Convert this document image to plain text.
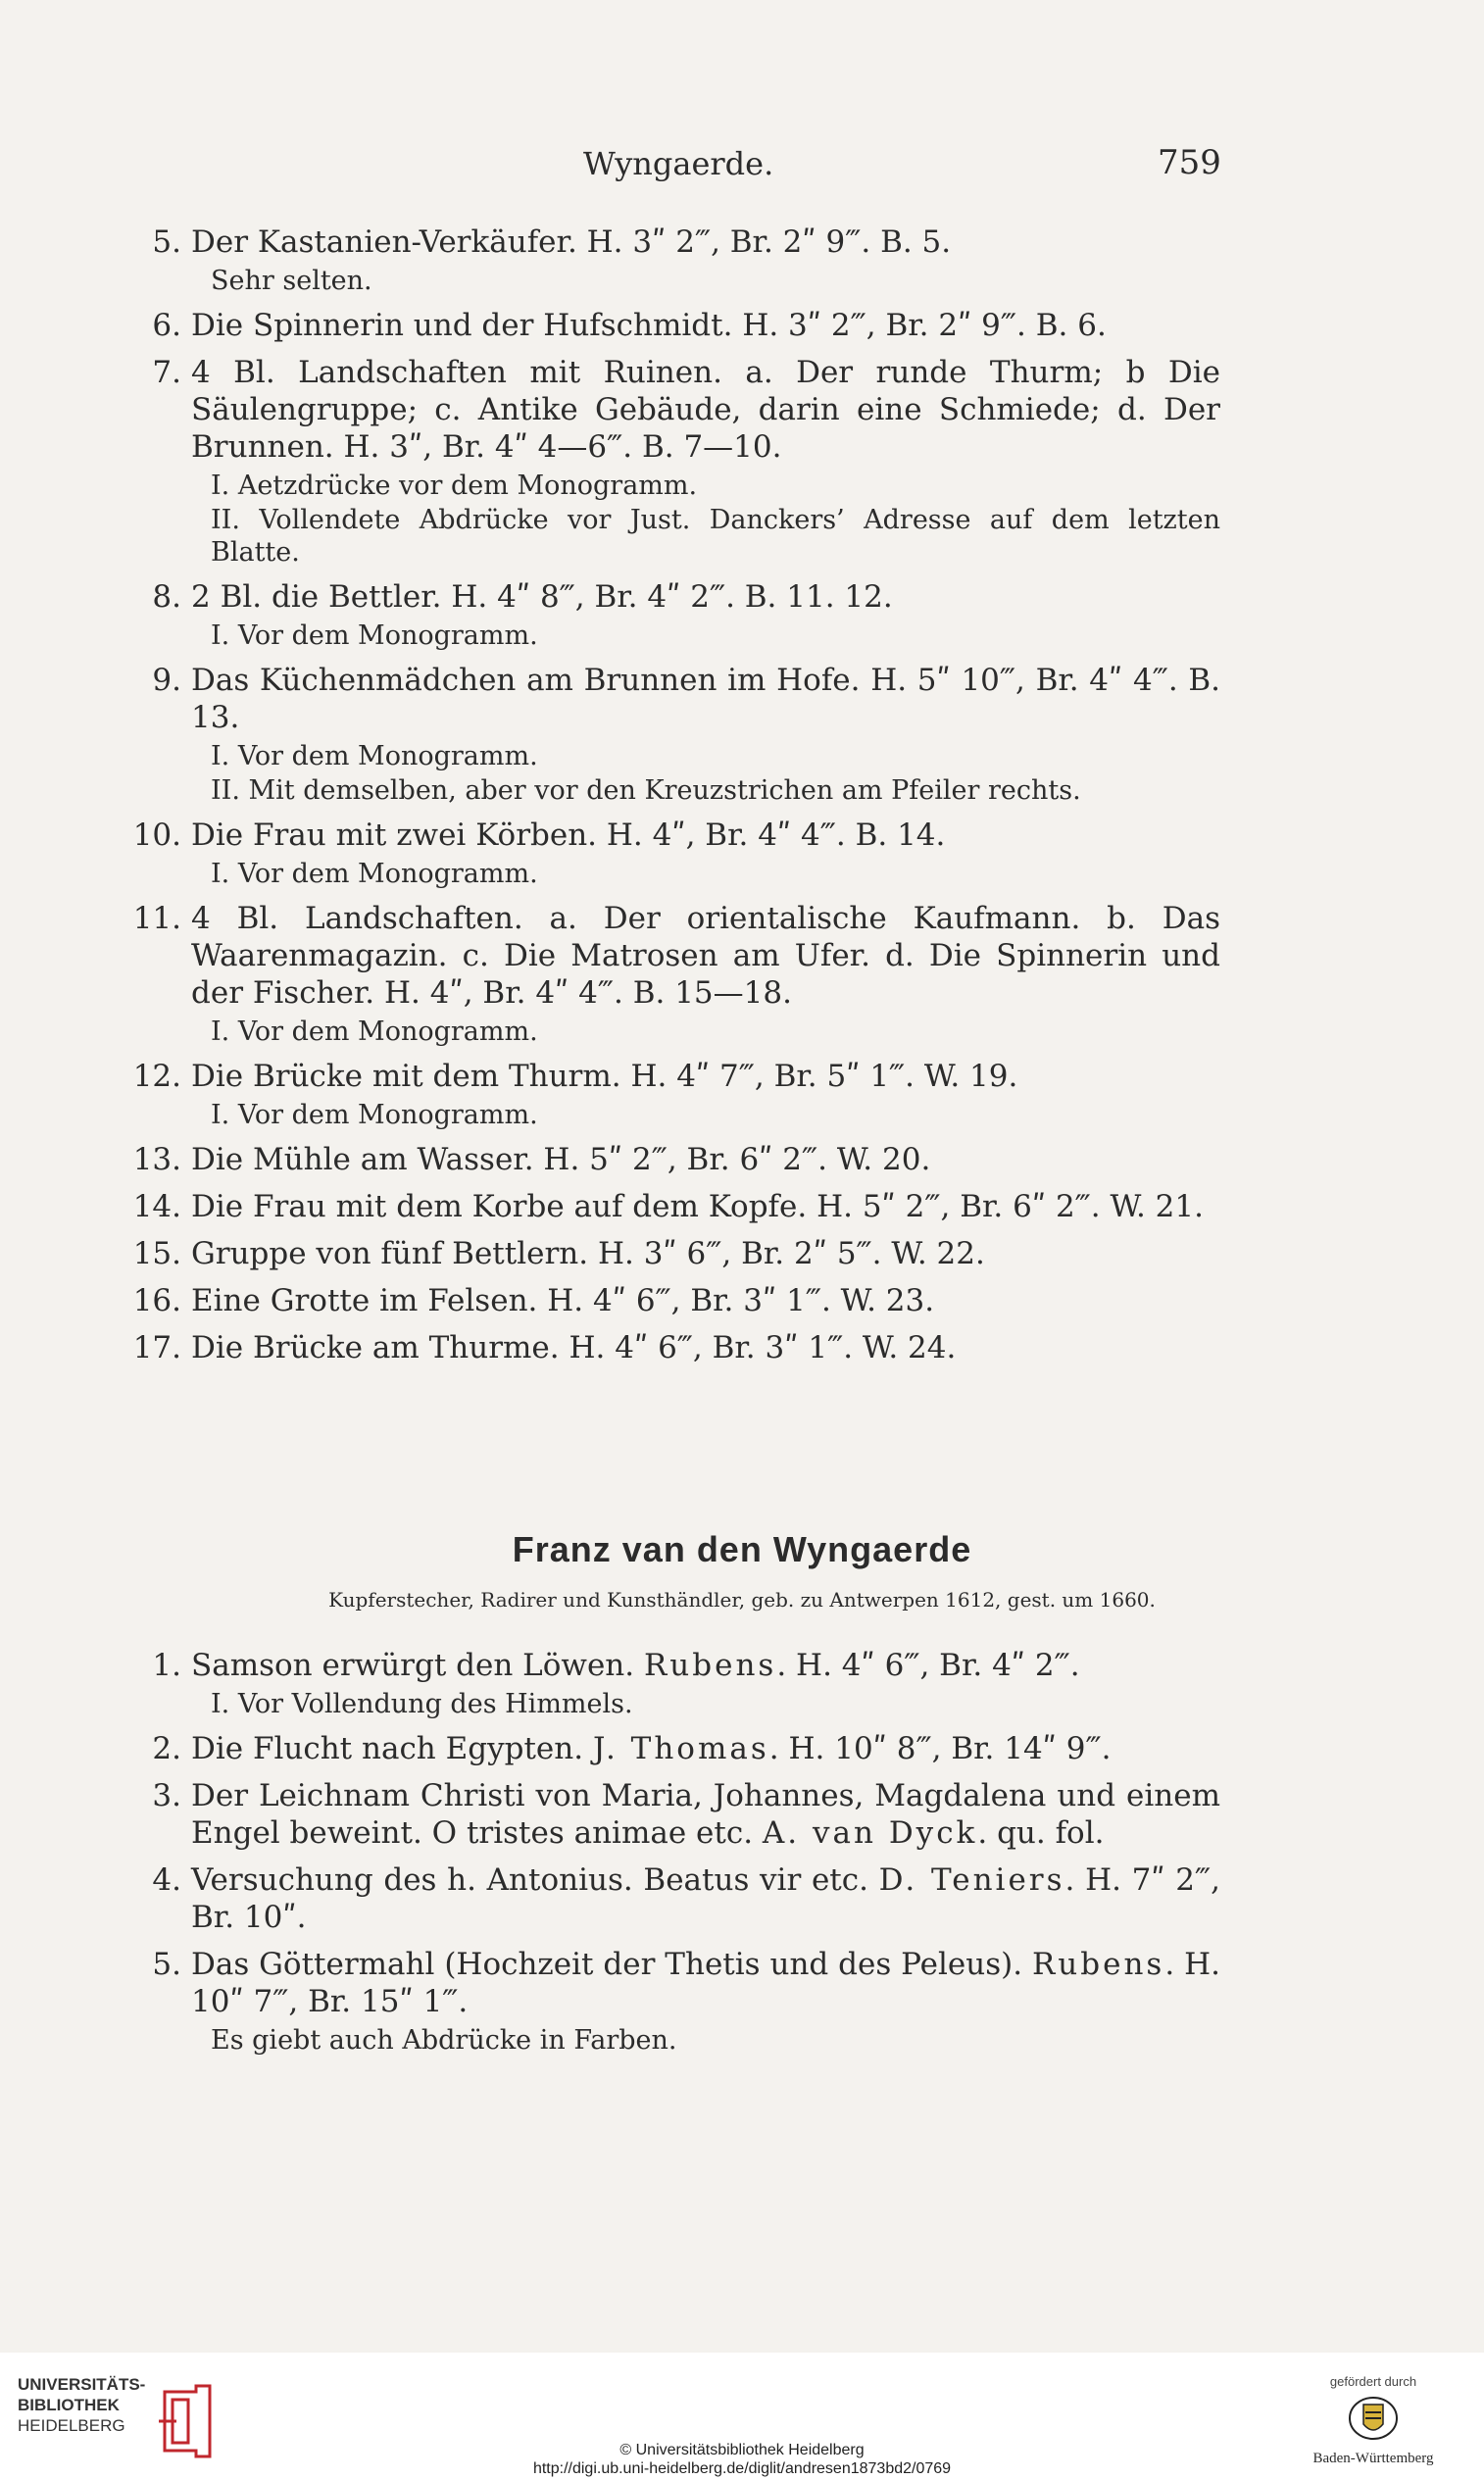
Wyngaerde.	759
5. Der Kastanien-Verkäufer. H. 3ʺ 2‴, Br. 2ʺ 9‴. B. 5.
Sehr selten.
6. Die Spinnerin und der Hufschmidt. H. 3ʺ 2‴, Br. 2ʺ 9‴. B. 6.
7. 4 Bl. Landschaften mit Ruinen. a. Der runde Thurm; b Die Säulengruppe; c. Antike Gebäude, darin eine Schmiede; d. Der Brunnen. H. 3ʺ, Br. 4ʺ 4—6‴. B. 7—10.
I. Aetzdrücke vor dem Monogramm.
II. Vollendete Abdrücke vor Just. Danckers’ Adresse auf dem letzten Blatte.
8. 2 Bl. die Bettler. H. 4ʺ 8‴, Br. 4ʺ 2‴. B. 11. 12.
I. Vor dem Monogramm.
9. Das Küchenmädchen am Brunnen im Hofe. H. 5ʺ 10‴, Br. 4ʺ 4‴. B. 13.
I. Vor dem Monogramm.
II. Mit demselben, aber vor den Kreuzstrichen am Pfeiler rechts.
10. Die Frau mit zwei Körben. H. 4ʺ, Br. 4ʺ 4‴. B. 14.
I. Vor dem Monogramm.
11. 4 Bl. Landschaften. a. Der orientalische Kaufmann. b. Das Waarenmagazin. c. Die Matrosen am Ufer. d. Die Spinnerin und der Fischer. H. 4ʺ, Br. 4ʺ 4‴. B. 15—18.
I. Vor dem Monogramm.
12. Die Brücke mit dem Thurm. H. 4ʺ 7‴, Br. 5ʺ 1‴. W. 19.
I. Vor dem Monogramm.
13. Die Mühle am Wasser. H. 5ʺ 2‴, Br. 6ʺ 2‴. W. 20.
14. Die Frau mit dem Korbe auf dem Kopfe. H. 5ʺ 2‴, Br. 6ʺ 2‴. W. 21.
15. Gruppe von fünf Bettlern. H. 3ʺ 6‴, Br. 2ʺ 5‴. W. 22.
16. Eine Grotte im Felsen. H. 4ʺ 6‴, Br. 3ʺ 1‴. W. 23.
17. Die Brücke am Thurme. H. 4ʺ 6‴, Br. 3ʺ 1‴. W. 24.
Franz van den Wyngaerde
Kupferstecher, Radirer und Kunsthändler, geb. zu Antwerpen 1612, gest. um 1660.
1. Samson erwürgt den Löwen. Rubens. H. 4ʺ 6‴, Br. 4ʺ 2‴.
I. Vor Vollendung des Himmels.
2. Die Flucht nach Egypten. J. Thomas. H. 10ʺ 8‴, Br. 14ʺ 9‴.
3. Der Leichnam Christi von Maria, Johannes, Magdalena und einem Engel beweint. O tristes animae etc. A. van Dyck. qu. fol.
4. Versuchung des h. Antonius. Beatus vir etc. D. Teniers. H. 7ʺ 2‴, Br. 10ʺ.
5. Das Göttermahl (Hochzeit der Thetis und des Peleus). Rubens. H. 10ʺ 7‴, Br. 15ʺ 1‴.
Es giebt auch Abdrücke in Farben.
UNIVERSITÄTS-
BIBLIOTHEK
HEIDELBERG
© Universitätsbibliothek Heidelberg
http://digi.ub.uni-heidelberg.de/diglit/andresen1873bd2/0769
gefördert durch
Baden-Württemberg
